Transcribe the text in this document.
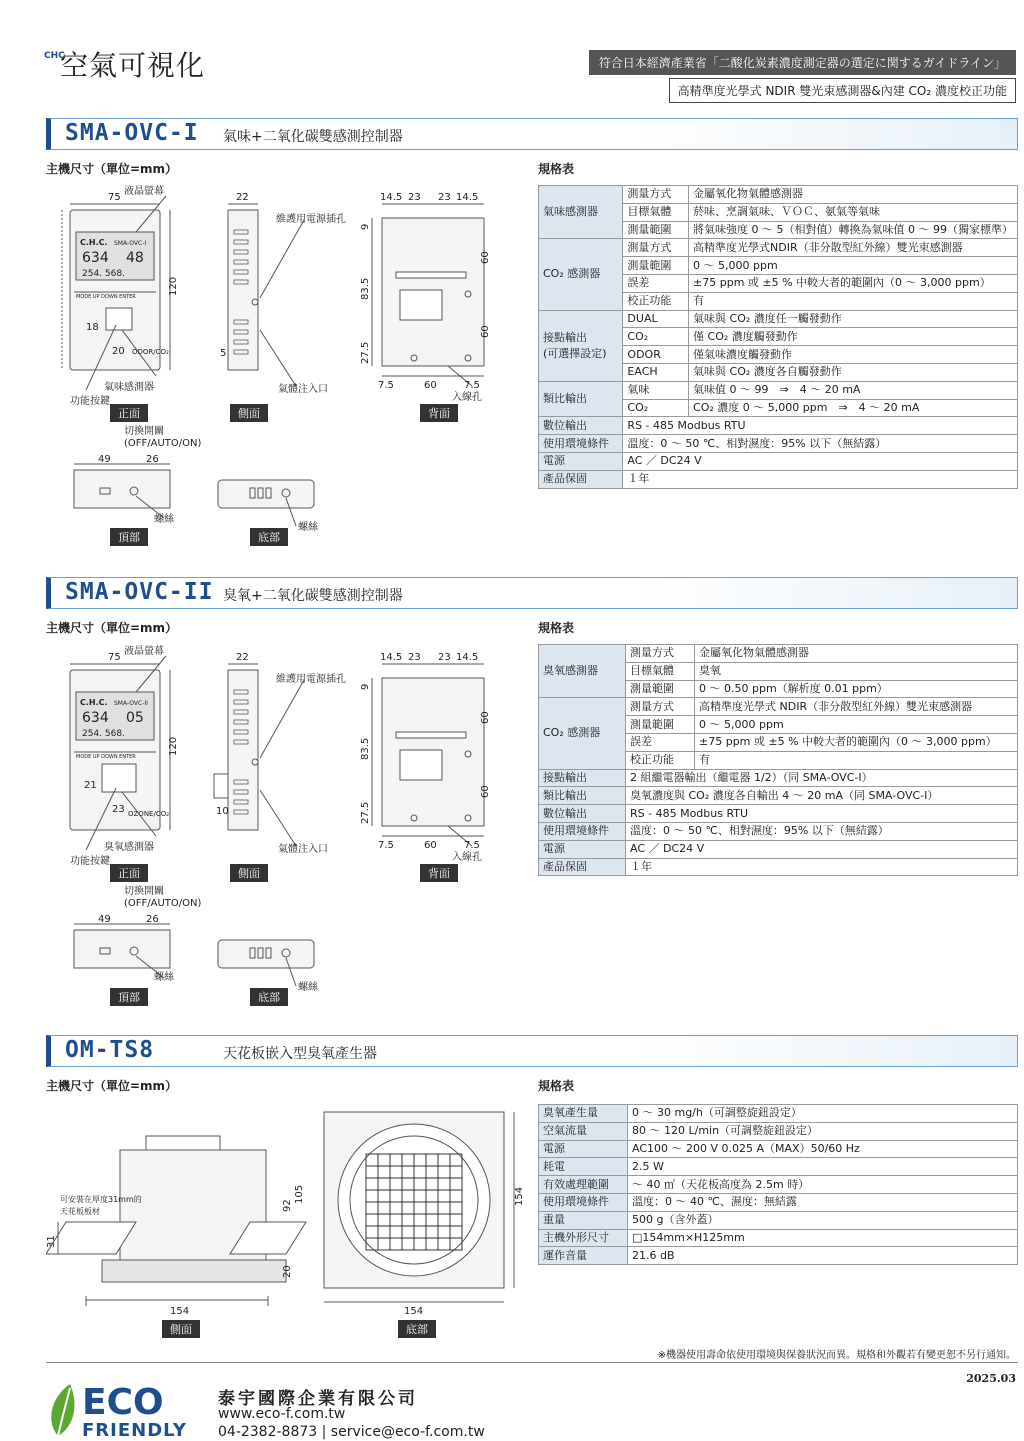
CHC
空氣可視化	符合日本經濟產業省「二酸化炭素濃度測定器の選定に関するガイドライン」
高精準度光學式 NDIR 雙光束感測器&內建 CO₂ 濃度校正功能
SMA-OVC-I 氣味+二氧化碳雙感測控制器
主機尺寸（單位=mm）	規格表
液晶螢幕
75
C.H.C. SMA-OVC-I
634 48
254. 568.
MODE UP DOWN ENTER
ODOR/CO₂
18
20
120
22
5
維護用電源插孔
氣體注入口
14.5 23 23 14.5
9
83.5
27.5
60
60
7.5	60	7.5
入線孔
氣味感測器
功能按鍵
切換開關
(OFF/AUTO/ON)
49	26
螺絲
螺絲
正面	側面	背面
頂部	底部
氣味感測器	測量方式	金屬氧化物氣體感測器
	目標氣體	菸味、烹調氣味、ＶＯＣ、氨氣等氣味
	測量範圍	將氣味強度 0 ～ 5（相對值）轉換為氣味值 0 ～ 99（獨家標準）
CO₂ 感測器	測量方式	高精準度光學式NDIR（非分散型紅外線）雙光束感測器
	測量範圍	0 ～ 5,000 ppm
	誤差	±75 ppm 或 ±5 % 中較大者的範圍內（0 ～ 3,000 ppm）
	校正功能	有
接點輸出
(可選擇設定)	DUAL	氣味與 CO₂ 濃度任一觸發動作
	CO₂	僅 CO₂ 濃度觸發動作
	ODOR	僅氣味濃度觸發動作
	EACH	氣味與 CO₂ 濃度各自觸發動作
類比輸出	氣味	氣味值 0 ～ 99　⇒　4 ～ 20 mA
	CO₂	CO₂ 濃度 0 ～ 5,000 ppm　⇒　4 ～ 20 mA
數位輸出	RS - 485 Modbus RTU	
使用環境條件	溫度：0 ～ 50 ℃、相對濕度：95% 以下（無結露）	
電源	AC ／ DC24 V	
產品保固	１年	
SMA-OVC-II 臭氧+二氧化碳雙感測控制器
主機尺寸（單位=mm）	規格表
液晶螢幕
75
C.H.C. SMA-OVC-II
634 05
254. 568.
MODE UP DOWN ENTER
OZONE/CO₂
21
23
120
22
10
維護用電源插孔
氣體注入口
14.5 23 23 14.5
9
83.5
27.5
60
60
7.5	60	7.5
入線孔
臭氧感測器
功能按鍵
切換開關
(OFF/AUTO/ON)
49	26
螺絲
螺絲
正面	側面	背面
頂部	底部
臭氧感測器	測量方式	金屬氧化物氣體感測器
	目標氣體	臭氧
	測量範圍	0 ～ 0.50 ppm（解析度 0.01 ppm）
CO₂ 感測器	測量方式	高精準度光學式 NDIR（非分散型紅外線）雙光束感測器
	測量範圍	0 ～ 5,000 ppm
	誤差	±75 ppm 或 ±5 % 中較大者的範圍內（0 ～ 3,000 ppm）
	校正功能	有
接點輸出	2 組繼電器輸出（繼電器 1/2）（同 SMA-OVC-I）	
類比輸出	臭氧濃度與 CO₂ 濃度各自輸出 4 ～ 20 mA（同 SMA-OVC-I）	
數位輸出	RS - 485 Modbus RTU	
使用環境條件	溫度：0 ～ 50 ℃、相對濕度：95% 以下（無結露）	
電源	AC ／ DC24 V	
產品保固	１年	
OM-TS8	天花板嵌入型臭氧產生器
主機尺寸（單位=mm）	規格表
可安裝在厚度31mm的
天花板板材
31
92
105
20
154	154
154
側面	底部
臭氧產生量	0 ～ 30 mg/h（可調整旋鈕設定）
空氣流量	80 ～ 120 L/min（可調整旋鈕設定）
電源	AC100 ～ 200 V 0.025 A（MAX）50/60 Hz
耗電	2.5 W
有效處理範圍	～ 40 ㎡（天花板高度為 2.5m 時）
使用環境條件	溫度：0 ～ 40 ℃、濕度：無結露
重量	500 g（含外蓋）
主機外形尺寸	□154mm×H125mm
運作音量	21.6 dB
※機器使用壽命依使用環境與保養狀況而異。規格和外觀若有變更恕不另行通知。
2025.03
ECO
FRIENDLY
泰宇國際企業有限公司
www.eco-f.com.tw
04-2382-8873 | service@eco-f.com.tw
